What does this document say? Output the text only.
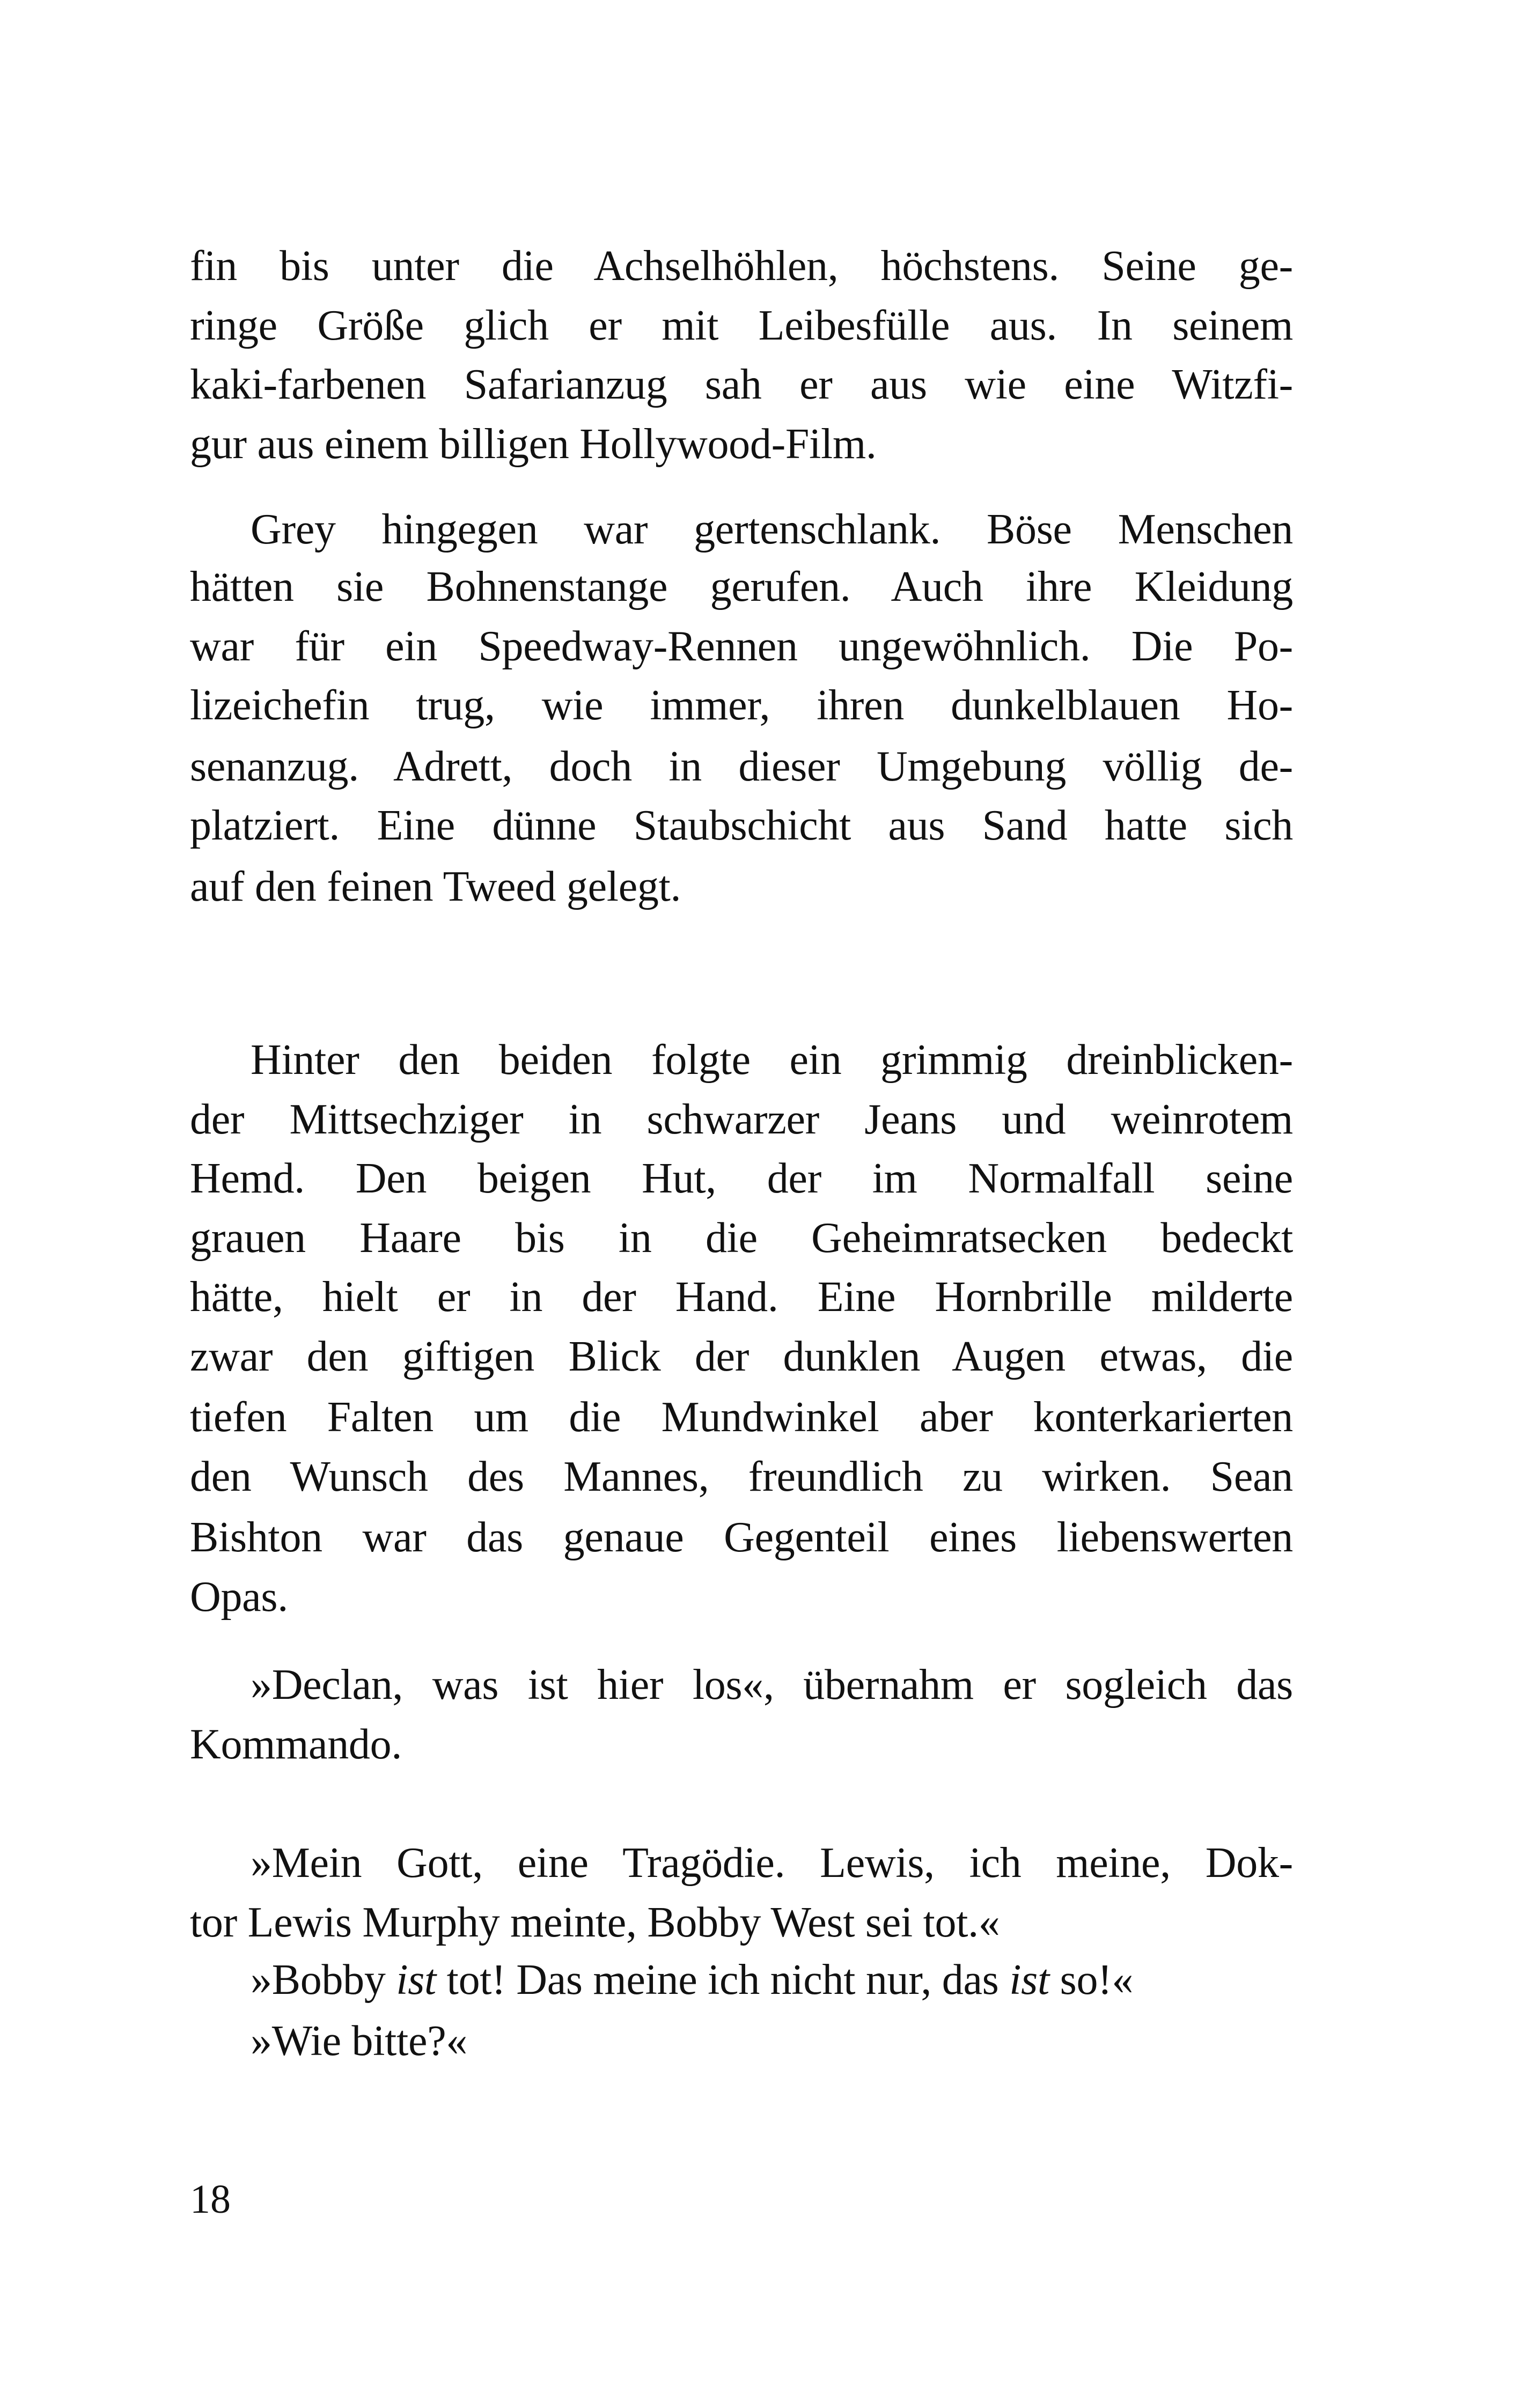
fin bis unter die Achselhöhlen, höchstens. Seine ge-
ringe Größe glich er mit Leibesfülle aus. In seinem
kaki-farbenen Safarianzug sah er aus wie eine Witzfi-
gur aus einem billigen Hollywood-Film.
Grey hingegen war gertenschlank. Böse Menschen
hätten sie Bohnenstange gerufen. Auch ihre Kleidung
war für ein Speedway-Rennen ungewöhnlich. Die Po-
lizeichefin trug, wie immer, ihren dunkelblauen Ho-
senanzug. Adrett, doch in dieser Umgebung völlig de-
platziert. Eine dünne Staubschicht aus Sand hatte sich
auf den feinen Tweed gelegt.
Hinter den beiden folgte ein grimmig dreinblicken-
der Mittsechziger in schwarzer Jeans und weinrotem
Hemd. Den beigen Hut, der im Normalfall seine
grauen Haare bis in die Geheimratsecken bedeckt
hätte, hielt er in der Hand. Eine Hornbrille milderte
zwar den giftigen Blick der dunklen Augen etwas, die
tiefen Falten um die Mundwinkel aber konterkarierten
den Wunsch des Mannes, freundlich zu wirken. Sean
Bishton war das genaue Gegenteil eines liebenswerten
Opas.
»Declan, was ist hier los«, übernahm er sogleich das
Kommando.
»Mein Gott, eine Tragödie. Lewis, ich meine, Dok-
tor Lewis Murphy meinte, Bobby West sei tot.«
»Bobby ist tot! Das meine ich nicht nur, das ist so!«
»Wie bitte?«
18
